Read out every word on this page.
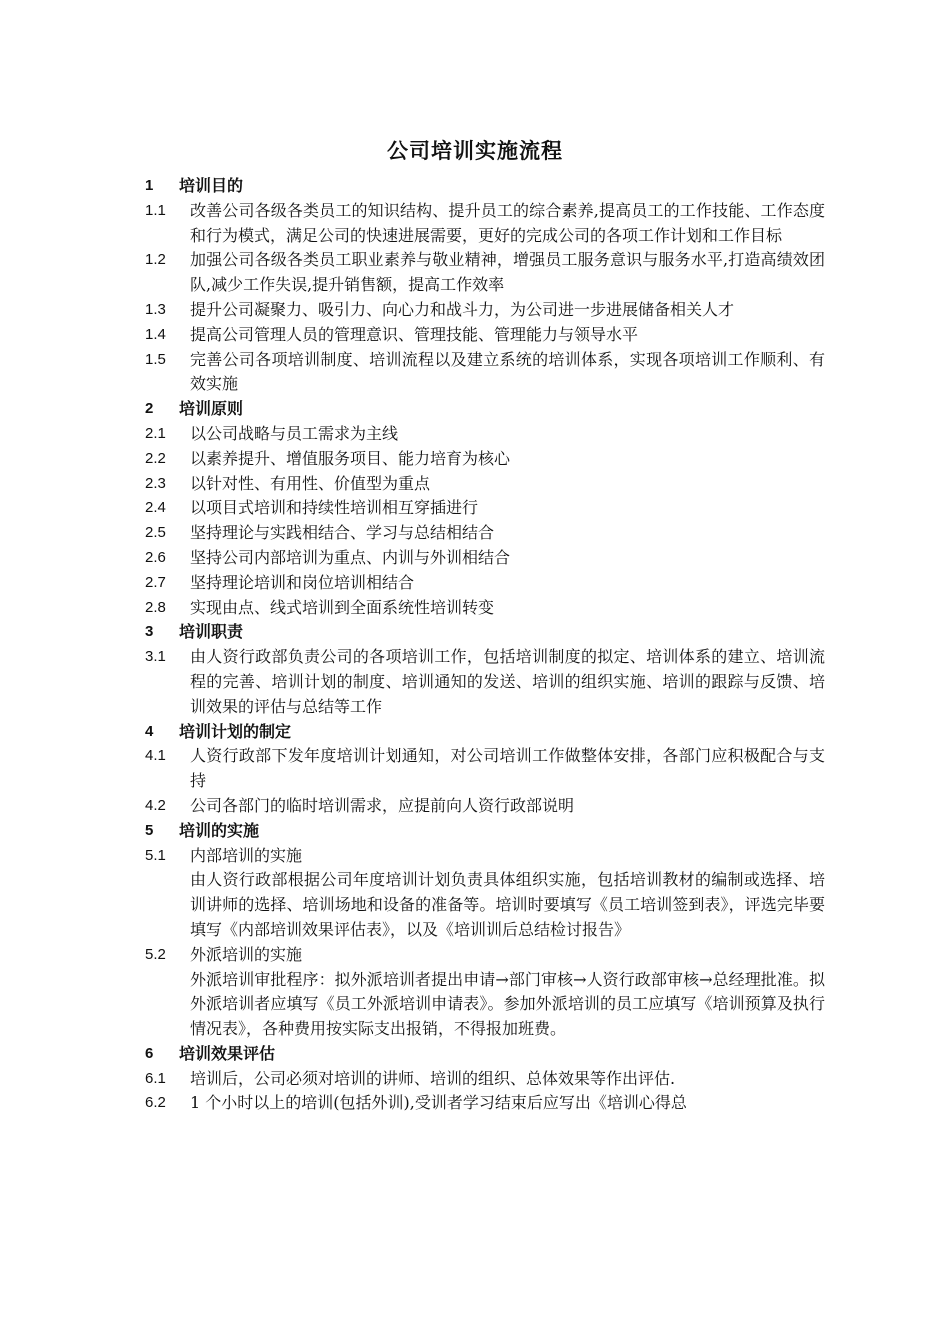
公司培训实施流程
1	培训目的
1.1	改善公司各级各类员工的知识结构、提升员工的综合素养,提高员工的工作技能、工作态度和行为模式，满足公司的快速进展需要，更好的完成公司的各项工作计划和工作目标
1.2	加强公司各级各类员工职业素养与敬业精神，增强员工服务意识与服务水平,打造高绩效团队,减少工作失误,提升销售额，提高工作效率
1.3	提升公司凝聚力、吸引力、向心力和战斗力，为公司进一步进展储备相关人才
1.4	提高公司管理人员的管理意识、管理技能、管理能力与领导水平
1.5	完善公司各项培训制度、培训流程以及建立系统的培训体系，实现各项培训工作顺利、有效实施
2	培训原则
2.1	以公司战略与员工需求为主线
2.2	以素养提升、增值服务项目、能力培育为核心
2.3	以针对性、有用性、价值型为重点
2.4	以项目式培训和持续性培训相互穿插进行
2.5	坚持理论与实践相结合、学习与总结相结合
2.6	坚持公司内部培训为重点、内训与外训相结合
2.7	坚持理论培训和岗位培训相结合
2.8	实现由点、线式培训到全面系统性培训转变
3	培训职责
3.1	由人资行政部负责公司的各项培训工作，包括培训制度的拟定、培训体系的建立、培训流程的完善、培训计划的制度、培训通知的发送、培训的组织实施、培训的跟踪与反馈、培训效果的评估与总结等工作
4	培训计划的制定
4.1	人资行政部下发年度培训计划通知，对公司培训工作做整体安排，各部门应积极配合与支持
4.2	公司各部门的临时培训需求，应提前向人资行政部说明
5	培训的实施
5.1	内部培训的实施
由人资行政部根据公司年度培训计划负责具体组织实施，包括培训教材的编制或选择、培训讲师的选择、培训场地和设备的准备等。培训时要填写《员工培训签到表》，评选完毕要填写《内部培训效果评估表》，以及《培训训后总结检讨报告》
5.2	外派培训的实施
外派培训审批程序：拟外派培训者提出申请→部门审核→人资行政部审核→总经理批准。拟外派培训者应填写《员工外派培训申请表》。参加外派培训的员工应填写《培训预算及执行情况表》，各种费用按实际支出报销，不得报加班费。
6	培训效果评估
6.1	培训后，公司必须对培训的讲师、培训的组织、总体效果等作出评估.
6.2	1 个小时以上的培训(包括外训),受训者学习结束后应写出《培训心得总
